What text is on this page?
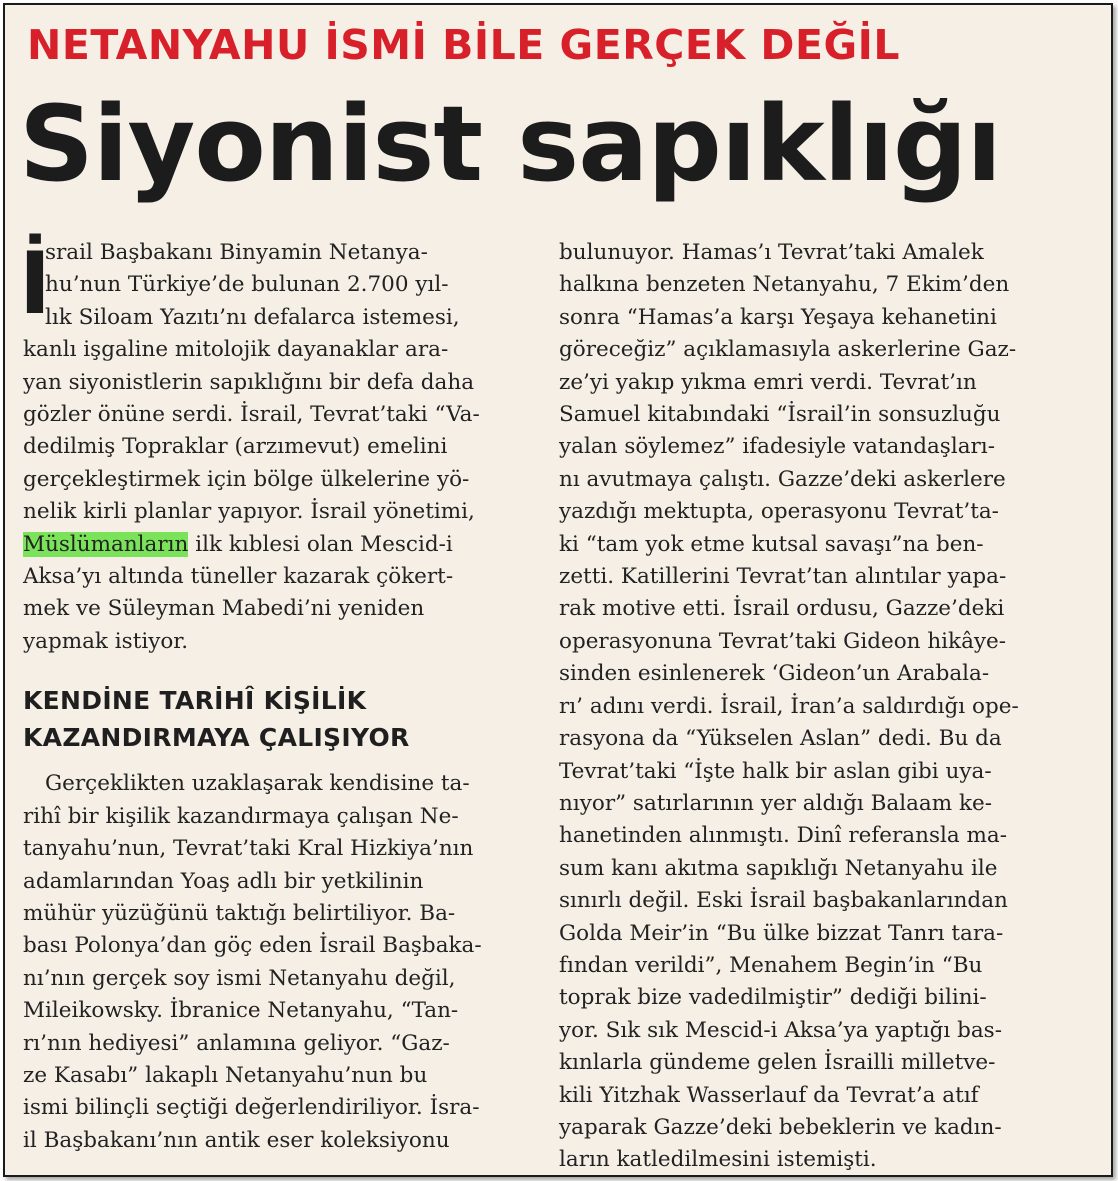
NETANYAHU İSMİ BİLE GERÇEK DEĞİL
Siyonist sapıklığı

İ
srail Başbakanı Binyamin Netanya-
hu’nun Türkiye’de bulunan 2.700 yıl-
lık Siloam Yazıtı’nı defalarca istemesi,
kanlı işgaline mitolojik dayanaklar ara-
yan siyonistlerin sapıklığını bir defa daha
gözler önüne serdi. İsrail, Tevrat’taki “Va-
dedilmiş Topraklar (arzımevut) emelini
gerçekleştirmek için bölge ülkelerine yö-
nelik kirli planlar yapıyor. İsrail yönetimi,
Müslümanların ilk kıblesi olan Mescid-i
Aksa’yı altında tüneller kazarak çökert-
mek ve Süleyman Mabedi’ni yeniden
yapmak istiyor.

KENDİNE TARİHÎ KİŞİLİK
KAZANDIRMAYA ÇALIŞIYOR

Gerçeklikten uzaklaşarak kendisine ta-
rihî bir kişilik kazandırmaya çalışan Ne-
tanyahu’nun, Tevrat’taki Kral Hizkiya’nın
adamlarından Yoaş adlı bir yetkilinin
mühür yüzüğünü taktığı belirtiliyor. Ba-
bası Polonya’dan göç eden İsrail Başbaka-
nı’nın gerçek soy ismi Netanyahu değil,
Mileikowsky. İbranice Netanyahu, “Tan-
rı’nın hediyesi” anlamına geliyor. “Gaz-
ze Kasabı” lakaplı Netanyahu’nun bu
ismi bilinçli seçtiği değerlendiriliyor. İsra-
il Başbakanı’nın antik eser koleksiyonu

bulunuyor. Hamas’ı Tevrat’taki Amalek
halkına benzeten Netanyahu, 7 Ekim’den
sonra “Hamas’a karşı Yeşaya kehanetini
göreceğiz” açıklamasıyla askerlerine Gaz-
ze’yi yakıp yıkma emri verdi. Tevrat’ın
Samuel kitabındaki “İsrail’in sonsuzluğu
yalan söylemez” ifadesiyle vatandaşları-
nı avutmaya çalıştı. Gazze’deki askerlere
yazdığı mektupta, operasyonu Tevrat’ta-
ki “tam yok etme kutsal savaşı”na ben-
zetti. Katillerini Tevrat’tan alıntılar yapa-
rak motive etti. İsrail ordusu, Gazze’deki
operasyonuna Tevrat’taki Gideon hikâye-
sinden esinlenerek ‘Gideon’un Arabala-
rı’ adını verdi. İsrail, İran’a saldırdığı ope-
rasyona da “Yükselen Aslan” dedi. Bu da
Tevrat’taki “İşte halk bir aslan gibi uya-
nıyor” satırlarının yer aldığı Balaam ke-
hanetinden alınmıştı. Dinî referansla ma-
sum kanı akıtma sapıklığı Netanyahu ile
sınırlı değil. Eski İsrail başbakanlarından
Golda Meir’in “Bu ülke bizzat Tanrı tara-
fından verildi”, Menahem Begin’in “Bu
toprak bize vadedilmiştir” dediği bilini-
yor. Sık sık Mescid-i Aksa’ya yaptığı bas-
kınlarla gündeme gelen İsrailli milletve-
kili Yitzhak Wasserlauf da Tevrat’a atıf
yaparak Gazze’deki bebeklerin ve kadın-
ların katledilmesini istemişti.
